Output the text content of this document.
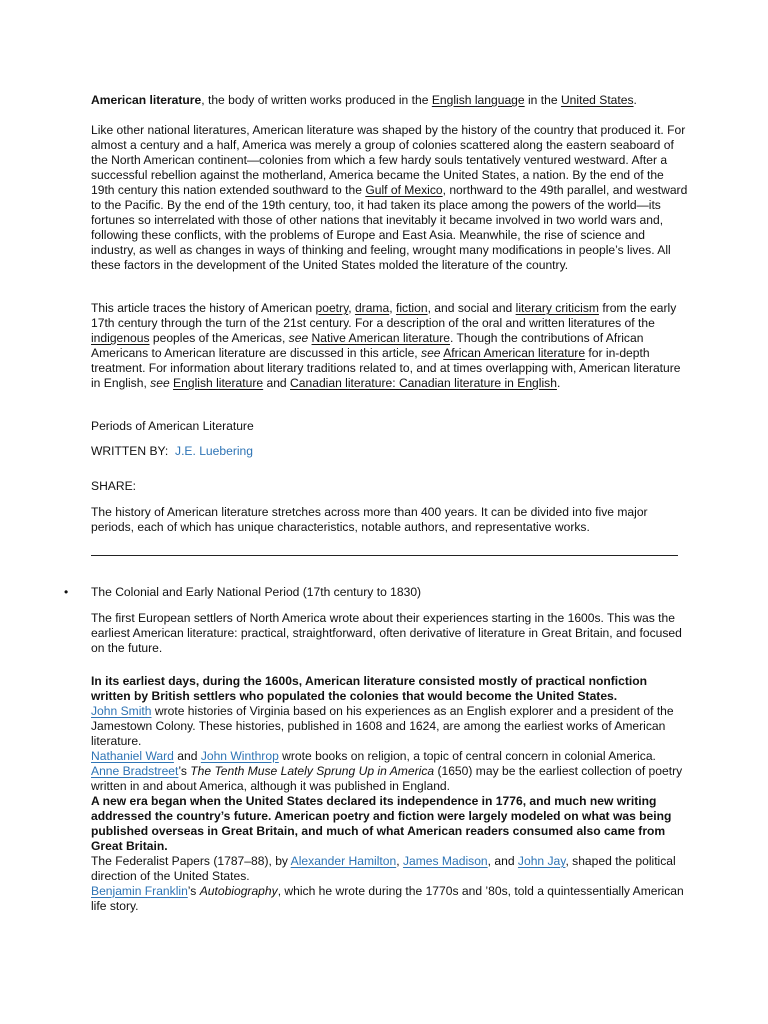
American literature, the body of written works produced in the English language in the United States.

Like other national literatures, American literature was shaped by the history of the country that produced it. For almost a century and a half, America was merely a group of colonies scattered along the eastern seaboard of the North American continent—colonies from which a few hardy souls tentatively ventured westward. After a successful rebellion against the motherland, America became the United States, a nation. By the end of the 19th century this nation extended southward to the Gulf of Mexico, northward to the 49th parallel, and westward to the Pacific. By the end of the 19th century, too, it had taken its place among the powers of the world—its fortunes so interrelated with those of other nations that inevitably it became involved in two world wars and, following these conflicts, with the problems of Europe and East Asia. Meanwhile, the rise of science and industry, as well as changes in ways of thinking and feeling, wrought many modifications in people’s lives. All these factors in the development of the United States molded the literature of the country.

This article traces the history of American poetry, drama, fiction, and social and literary criticism from the early 17th century through the turn of the 21st century. For a description of the oral and written literatures of the indigenous peoples of the Americas, see Native American literature. Though the contributions of African Americans to American literature are discussed in this article, see African American literature for in-depth treatment. For information about literary traditions related to, and at times overlapping with, American literature in English, see English literature and Canadian literature: Canadian literature in English.

Periods of American Literature

WRITTEN BY: J.E. Luebering

SHARE:

The history of American literature stretches across more than 400 years. It can be divided into five major periods, each of which has unique characteristics, notable authors, and representative works.

• The Colonial and Early National Period (17th century to 1830)

The first European settlers of North America wrote about their experiences starting in the 1600s. This was the earliest American literature: practical, straightforward, often derivative of literature in Great Britain, and focused on the future.

In its earliest days, during the 1600s, American literature consisted mostly of practical nonfiction written by British settlers who populated the colonies that would become the United States.
John Smith wrote histories of Virginia based on his experiences as an English explorer and a president of the Jamestown Colony. These histories, published in 1608 and 1624, are among the earliest works of American literature.
Nathaniel Ward and John Winthrop wrote books on religion, a topic of central concern in colonial America.
Anne Bradstreet’s The Tenth Muse Lately Sprung Up in America (1650) may be the earliest collection of poetry written in and about America, although it was published in England.
A new era began when the United States declared its independence in 1776, and much new writing addressed the country’s future. American poetry and fiction were largely modeled on what was being published overseas in Great Britain, and much of what American readers consumed also came from Great Britain.
The Federalist Papers (1787–88), by Alexander Hamilton, James Madison, and John Jay, shaped the political direction of the United States.
Benjamin Franklin’s Autobiography, which he wrote during the 1770s and ’80s, told a quintessentially American life story.
